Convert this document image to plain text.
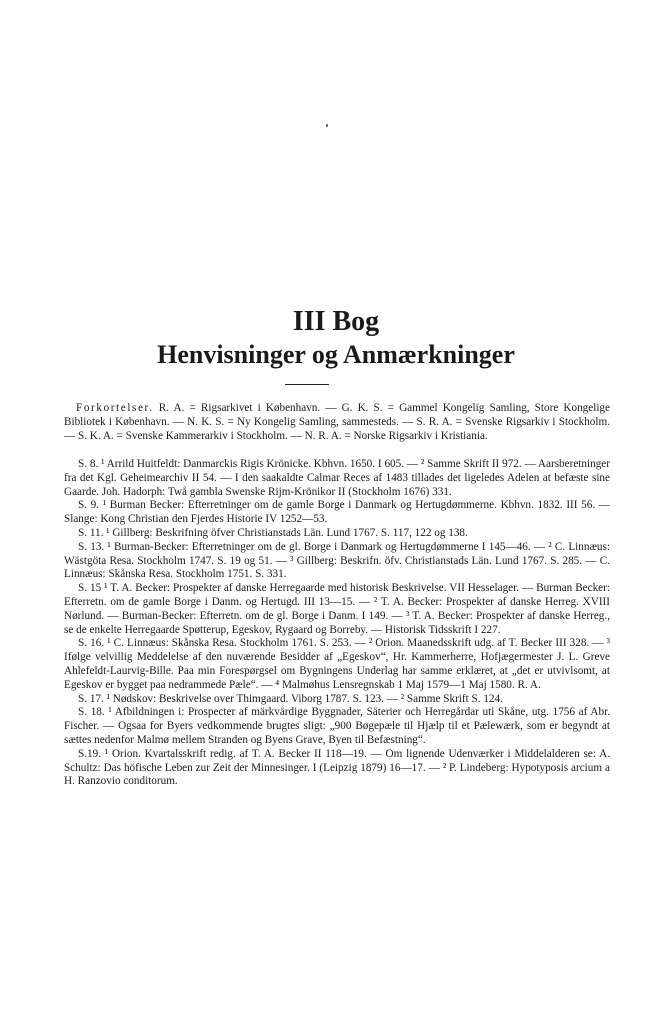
III Bog
Henvisninger og Anmærkninger

Forkortelser. R. A. = Rigsarkivet i København. — G. K. S. = Gammel Kongelig Samling, Store Kongelige Bibliotek i København. — N. K. S. = Ny Kongelig Samling, sammesteds. — S. R. A. = Svenske Rigsarkiv i Stockholm. — S. K. A. = Svenske Kammerarkiv i Stockholm. — N. R. A. = Norske Rigsarkiv i Kristiania.

S. 8. ¹ Arrild Huitfeldt: Danmarckis Rigis Krönicke. Kbhvn. 1650. I 605. — ² Samme Skrift II 972. — Aarsberetninger fra det Kgl. Geheimearchiv II 54. — I den saakaldte Calmar Reces af 1483 tillades det ligeledes Adelen at befæste sine Gaarde. Joh. Hadorph: Twå gambla Swenske Rijm-Krönikor II (Stockholm 1676) 331.

S. 9. ¹ Burman Becker: Efterretninger om de gamle Borge i Danmark og Hertugdømmerne. Kbhvn. 1832. III 56. — Slange: Kong Christian den Fjerdes Historie IV 1252—53.

S. 11. ¹ Gillberg: Beskrifning öfver Christianstads Län. Lund 1767. S. 117, 122 og 138.

S. 13. ¹ Burman-Becker: Efterretninger om de gl. Borge i Danmark og Hertugdømmerne I 145—46. — ² C. Linnæus: Wästgöta Resa. Stockholm 1747. S. 19 og 51. — ³ Gillberg: Beskrifn. öfv. Christianstads Län. Lund 1767. S. 285. — C. Linnæus: Skånska Resa. Stockholm 1751. S. 331.

S. 15 ¹ T. A. Becker: Prospekter af danske Herregaarde med historisk Beskrivelse. VII Hesselager. — Burman Becker: Efterretn. om de gamle Borge i Danm. og Hertugd. III 13—15. — ² T. A. Becker: Prospekter af danske Herreg. XVIII Nørlund. — Burman-Becker: Efterretn. om de gl. Borge i Danm. I 149. — ³ T. A. Becker: Prospekter af danske Herreg., se de enkelte Herregaarde Spøtterup, Egeskov, Rygaard og Borreby. — Historisk Tidsskrift I 227.

S. 16. ¹ C. Linnæus: Skånska Resa. Stockholm 1761. S. 253. — ² Orion. Maanedsskrift udg. af T. Becker III 328. — ³ Ifølge velvillig Meddelelse af den nuværende Besidder af „Egeskov“, Hr. Kammerherre, Hofjægermester J. L. Greve Ahlefeldt-Laurvig-Bille. Paa min Forespørgsel om Bygningens Underlag har samme erklæret, at „det er utvivlsomt, at Egeskov er bygget paa nedrammede Pæle“. — ⁴ Malmøhus Lensregnskab 1 Maj 1579—1 Maj 1580. R. A.

S. 17. ¹ Nødskov: Beskrivelse over Thimgaard. Viborg 1787. S. 123. — ² Samme Skrift S. 124.

S. 18. ¹ Afbildningen i: Prospecter af märkvärdige Byggnader, Säterier och Herregårdar uti Skåne, utg. 1756 af Abr. Fischer. — Ogsaa for Byers vedkommende brugtes sligt: „900 Bøgepæle til Hjælp til et Pælewærk, som er begyndt at sættes nedenfor Malmø mellem Stranden og Byens Grave, Byen til Befæstning“.

S.19. ¹ Orion. Kvartalsskrift redig. af T. A. Becker II 118—19. — Om lignende Udenværker i Middelalderen se: A. Schultz: Das höfische Leben zur Zeit der Minnesinger. I (Leipzig 1879) 16—17. — ² P. Lindeberg: Hypotyposis arcium a H. Ranzovio conditorum.
